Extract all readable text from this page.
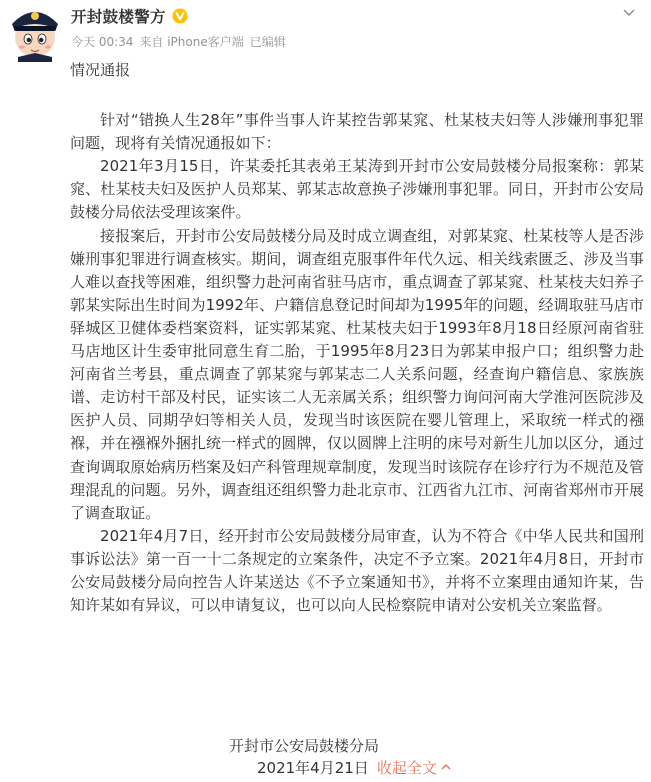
开封鼓楼警方
今天 00:34 来自 iPhone客户端 已编辑
情况通报

针对“错换人生28年”事件当事人许某控告郭某窕、杜某枝夫妇等人涉嫌刑事犯罪问题，现将有关情况通报如下：

2021年3月15日，许某委托其表弟王某涛到开封市公安局鼓楼分局报案称：郭某窕、杜某枝夫妇及医护人员郑某、郭某志故意换子涉嫌刑事犯罪。同日，开封市公安局鼓楼分局依法受理该案件。

接报案后，开封市公安局鼓楼分局及时成立调查组，对郭某窕、杜某枝等人是否涉嫌刑事犯罪进行调查核实。期间，调查组克服事件年代久远、相关线索匮乏、涉及当事人难以查找等困难，组织警力赴河南省驻马店市，重点调查了郭某窕、杜某枝夫妇养子郭某实际出生时间为1992年、户籍信息登记时间却为1995年的问题，经调取驻马店市驿城区卫健体委档案资料，证实郭某窕、杜某枝夫妇于1993年8月18日经原河南省驻马店地区计生委审批同意生育二胎，于1995年8月23日为郭某申报户口；组织警力赴河南省兰考县，重点调查了郭某窕与郭某志二人关系问题，经查询户籍信息、家族族谱、走访村干部及村民，证实该二人无亲属关系；组织警力询问河南大学淮河医院涉及医护人员、同期孕妇等相关人员，发现当时该医院在婴儿管理上，采取统一样式的襁褓，并在襁褓外捆扎统一样式的圆牌，仅以圆牌上注明的床号对新生儿加以区分，通过查询调取原始病历档案及妇产科管理规章制度，发现当时该院存在诊疗行为不规范及管理混乱的问题。另外，调查组还组织警力赴北京市、江西省九江市、河南省郑州市开展了调查取证。

2021年4月7日，经开封市公安局鼓楼分局审查，认为不符合《中华人民共和国刑事诉讼法》第一百一十二条规定的立案条件，决定不予立案。2021年4月8日，开封市公安局鼓楼分局向控告人许某送达《不予立案通知书》，并将不立案理由通知许某，告知许某如有异议，可以申请复议，也可以向人民检察院申请对公安机关立案监督。

开封市公安局鼓楼分局
2021年4月21日 收起全文
